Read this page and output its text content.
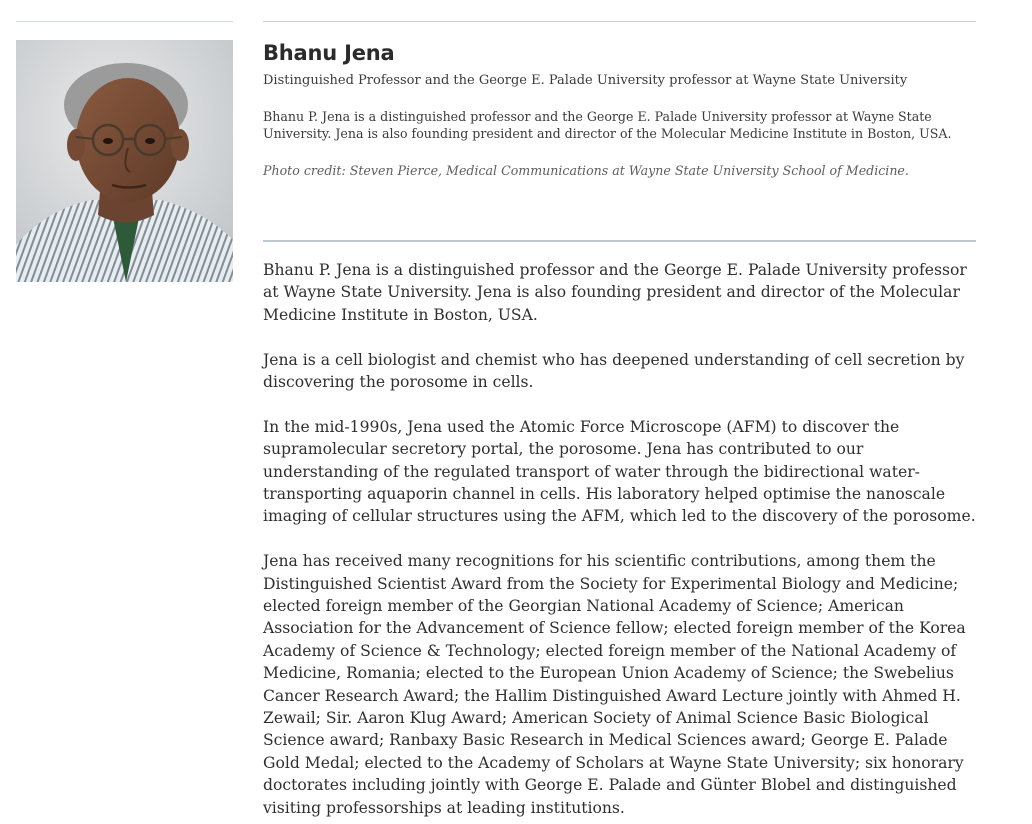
Bhanu Jena
Distinguished Professor and the George E. Palade University professor at Wayne State University
Bhanu P. Jena is a distinguished professor and the George E. Palade University professor at Wayne State University. Jena is also founding president and director of the Molecular Medicine Institute in Boston, USA.
Photo credit: Steven Pierce, Medical Communications at Wayne State University School of Medicine.

Bhanu P. Jena is a distinguished professor and the George E. Palade University professor at Wayne State University. Jena is also founding president and director of the Molecular Medicine Institute in Boston, USA.

Jena is a cell biologist and chemist who has deepened understanding of cell secretion by discovering the porosome in cells.

In the mid-1990s, Jena used the Atomic Force Microscope (AFM) to discover the supramolecular secretory portal, the porosome. Jena has contributed to our understanding of the regulated transport of water through the bidirectional water-transporting aquaporin channel in cells. His laboratory helped optimise the nanoscale imaging of cellular structures using the AFM, which led to the discovery of the porosome.

Jena has received many recognitions for his scientific contributions, among them the Distinguished Scientist Award from the Society for Experimental Biology and Medicine; elected foreign member of the Georgian National Academy of Science; American Association for the Advancement of Science fellow; elected foreign member of the Korea Academy of Science & Technology; elected foreign member of the National Academy of Medicine, Romania; elected to the European Union Academy of Science; the Swebelius Cancer Research Award; the Hallim Distinguished Award Lecture jointly with Ahmed H. Zewail; Sir. Aaron Klug Award; American Society of Animal Science Basic Biological Science award; Ranbaxy Basic Research in Medical Sciences award; George E. Palade Gold Medal; elected to the Academy of Scholars at Wayne State University; six honorary doctorates including jointly with George E. Palade and Günter Blobel and distinguished visiting professorships at leading institutions.
